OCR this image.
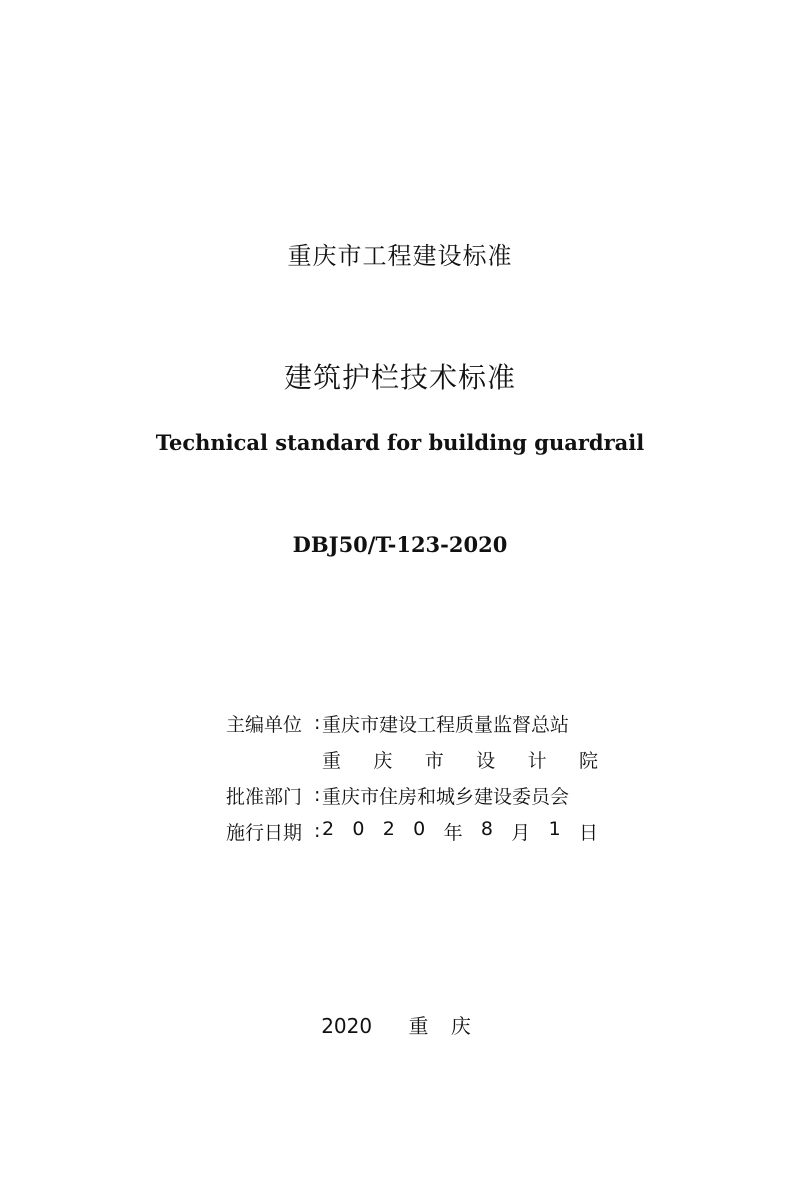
重庆市工程建设标准
建筑护栏技术标准
Technical standard for building guardrail
DBJ50/T-123-2020
主编单位 : 重庆市建设工程质量监督总站
重 庆 市 设 计 院
批准部门 : 重庆市住房和城乡建设委员会
施行日期 : 2 0 2 0 年 8 月 1 日
2020 重 庆
